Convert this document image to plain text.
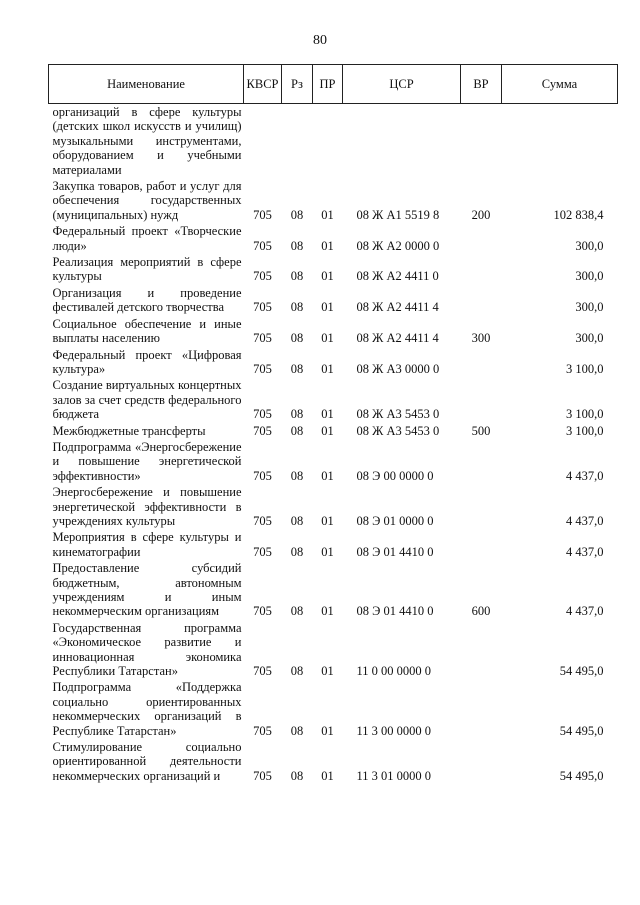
80
Наименование	КВСР	Рз	ПР	ЦСР	ВР	Сумма
организаций в сфере культуры (детских школ искусств и училищ) музыкальными инструментами, оборудованием и учебными материалами						
Закупка товаров, работ и услуг для обеспечения государственных (муниципальных) нужд	705	08	01	08 Ж А1 5519 8	200	102 838,4
Федеральный проект «Творческие люди»	705	08	01	08 Ж А2 0000 0		300,0
Реализация мероприятий в сфере культуры	705	08	01	08 Ж А2 4411 0		300,0
Организация и проведение фестивалей детского творчества	705	08	01	08 Ж А2 4411 4		300,0
Социальное обеспечение и иные выплаты населению	705	08	01	08 Ж А2 4411 4	300	300,0
Федеральный проект «Цифровая культура»	705	08	01	08 Ж А3 0000 0		3 100,0
Создание виртуальных концертных залов за счет средств федерального бюджета	705	08	01	08 Ж А3 5453 0		3 100,0
Межбюджетные трансферты	705	08	01	08 Ж А3 5453 0	500	3 100,0
Подпрограмма «Энергосбережение и повышение энергетической эффективности»	705	08	01	08 Э 00 0000 0		4 437,0
Энергосбережение и повышение энергетической эффективности в учреждениях культуры	705	08	01	08 Э 01 0000 0		4 437,0
Мероприятия в сфере культуры и кинематографии	705	08	01	08 Э 01 4410 0		4 437,0
Предоставление субсидий бюджетным, автономным учреждениям и иным некоммерческим организациям	705	08	01	08 Э 01 4410 0	600	4 437,0
Государственная программа «Экономическое развитие и инновационная экономика Республики Татарстан»	705	08	01	11 0 00 0000 0		54 495,0
Подпрограмма «Поддержка социально ориентированных некоммерческих организаций в Республике Татарстан»	705	08	01	11 3 00 0000 0		54 495,0
Стимулирование социально ориентированной деятельности некоммерческих организаций и	705	08	01	11 3 01 0000 0		54 495,0
